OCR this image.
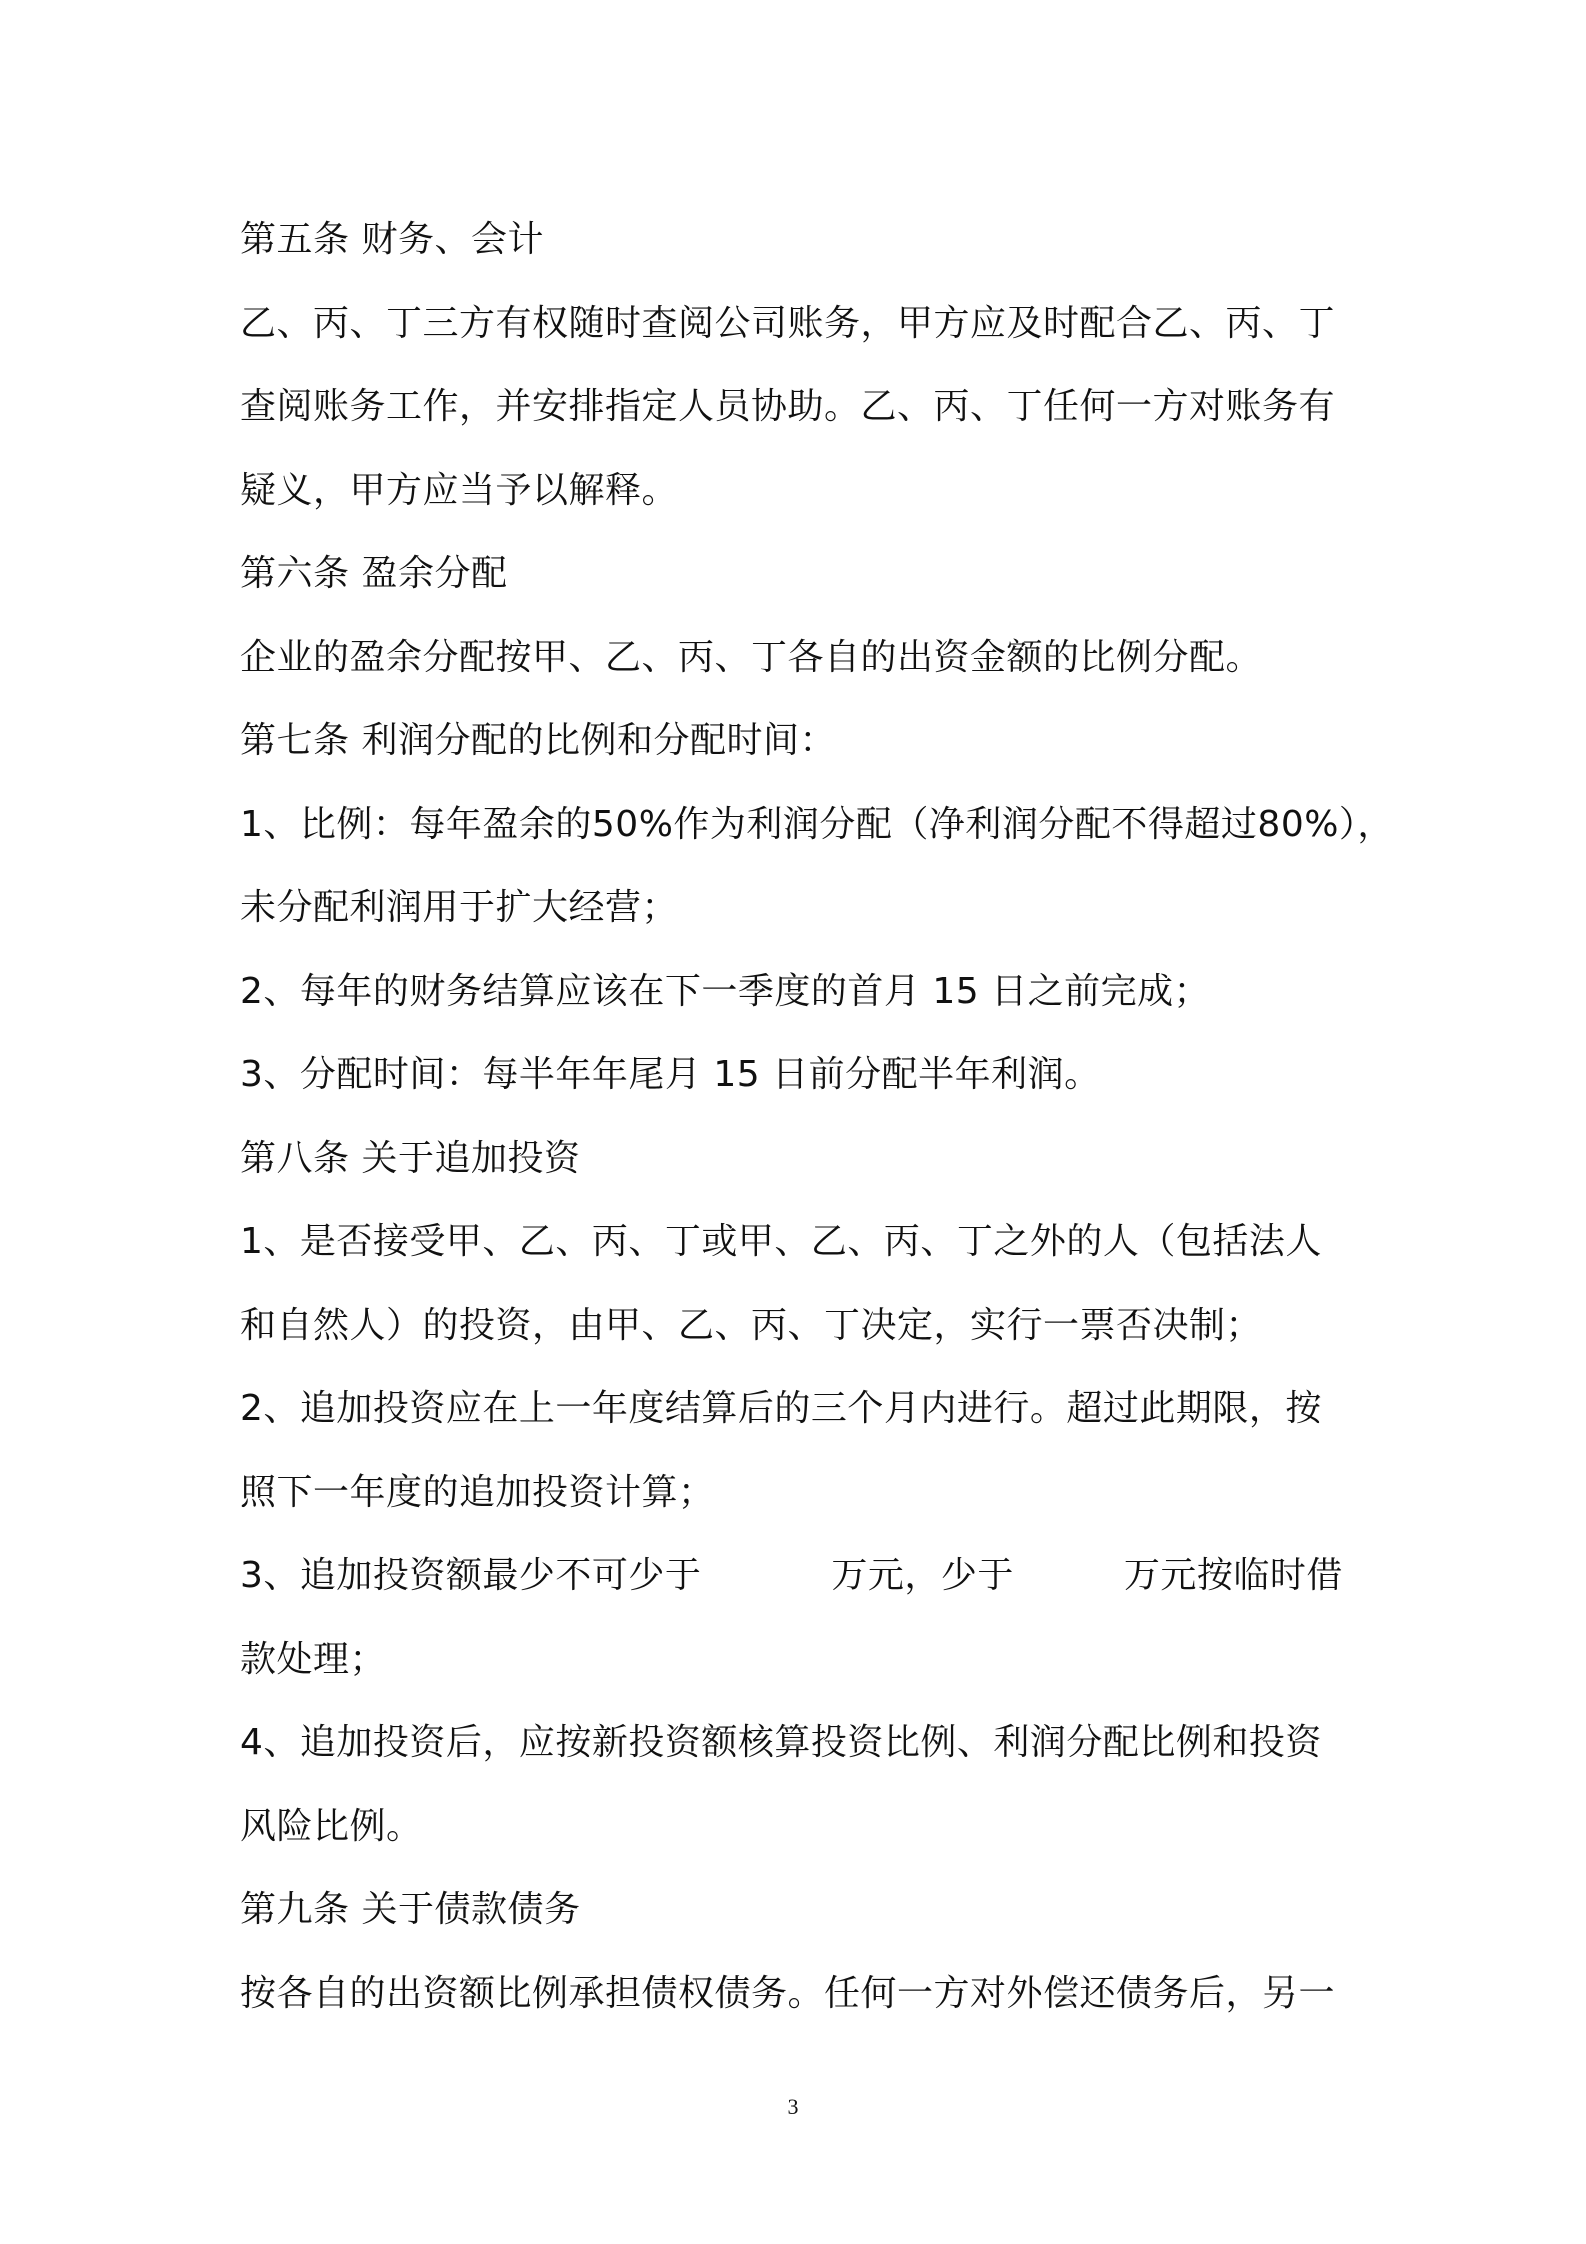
第五条 财务、会计
乙、丙、丁三方有权随时查阅公司账务，甲方应及时配合乙、丙、丁
查阅账务工作，并安排指定人员协助。乙、丙、丁任何一方对账务有
疑义，甲方应当予以解释。
第六条 盈余分配
企业的盈余分配按甲、乙、丙、丁各自的出资金额的比例分配。
第七条 利润分配的比例和分配时间：
1、比例：每年盈余的50%作为利润分配（净利润分配不得超过80%），
未分配利润用于扩大经营；
2、每年的财务结算应该在下一季度的首月 15 日之前完成；
3、分配时间：每半年年尾月 15 日前分配半年利润。
第八条 关于追加投资
1、是否接受甲、乙、丙、丁或甲、乙、丙、丁之外的人（包括法人
和自然人）的投资，由甲、乙、丙、丁决定，实行一票否决制；
2、追加投资应在上一年度结算后的三个月内进行。超过此期限，按
照下一年度的追加投资计算；
3、追加投资额最少不可少于	万元，少于	万元按临时借
款处理；
4、追加投资后，应按新投资额核算投资比例、利润分配比例和投资
风险比例。
第九条 关于债款债务
按各自的出资额比例承担债权债务。任何一方对外偿还债务后，另一
3
